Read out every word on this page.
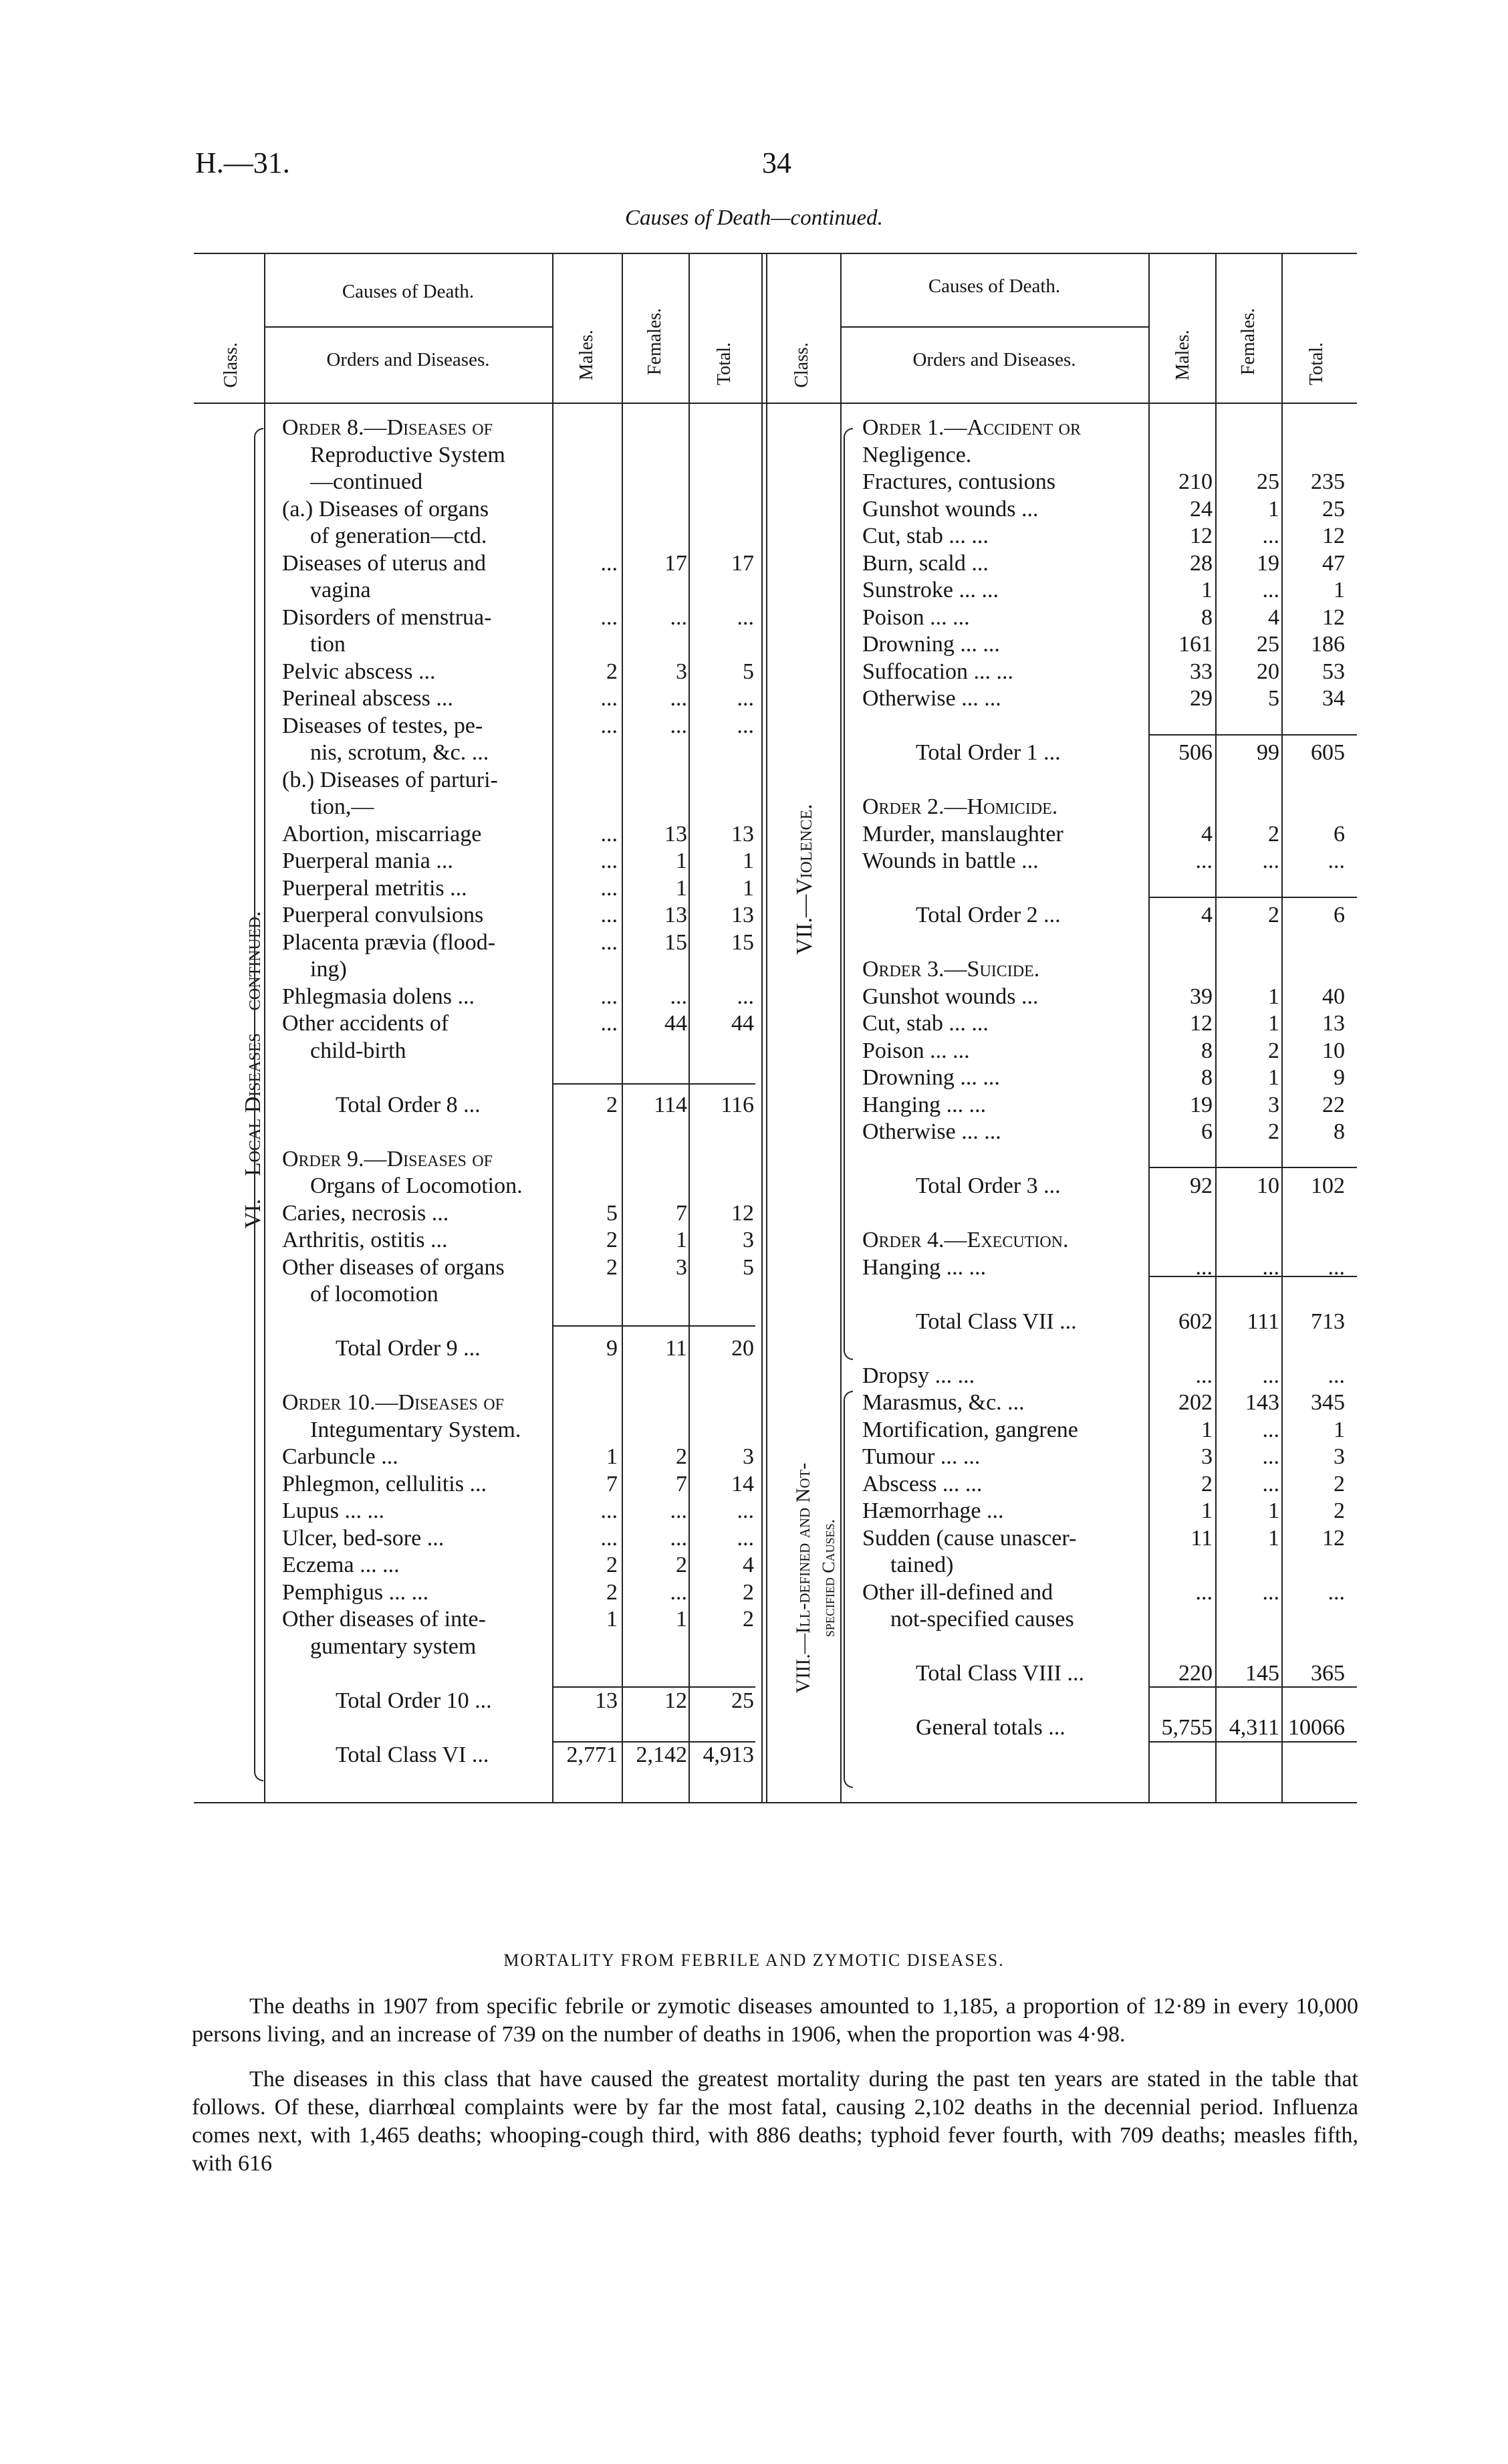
H.—31.	34
Causes of Death—continued.
Causes of Death.
Orders and Diseases.
Causes of Death.
Orders and Diseases.
Class.	Males.	Females.	Total.	Class.	Males. Females.	Total.
VI.—Local Diseases—continued.
VII.—Violence.
VIII.—Ill-defined and Not- specified Causes.
Order 8.—Diseases of
Reproductive System
—continued
(a.) Diseases of organs
of generation—ctd.
Diseases of uterus and	...	17	17
vagina
Disorders of menstrua-	...	...	...
tion
Pelvic abscess ...	2	3	5
Perineal abscess ...	...	...	...
Diseases of testes, pe-	...	...	...
nis, scrotum, &c. ...
(b.) Diseases of parturi-
tion,—
Abortion, miscarriage	...	13	13
Puerperal mania ...	...	1	1
Puerperal metritis ...	...	1	1
Puerperal convulsions	...	13	13
Placenta prævia (flood-	...	15	15
ing)
Phlegmasia dolens ...	...	...	...
Other accidents of	...	44	44
child-birth
Total Order 8 ...	2	114	116
Order 9.—Diseases of
Organs of Locomotion.
Caries, necrosis ...	5	7	12
Arthritis, ostitis ...	2	1	3
Other diseases of organs	2	3	5
of locomotion
Total Order 9 ...	9	11	20
Order 10.—Diseases of
Integumentary System.
Carbuncle ...	1	2	3
Phlegmon, cellulitis ...	7	7	14
Lupus ... ...	...	...	...
Ulcer, bed-sore ...	...	...	...
Eczema ... ...	2	2	4
Pemphigus ... ...	2	...	2
Other diseases of inte-	1	1	2
gumentary system
Total Order 10 ...	13	12	25
Total Class VI ...	2,771 2,142 4,913
Order 1.—Accident or
Negligence.
Fractures, contusions	210	25	235
Gunshot wounds ...	24	1	25
Cut, stab ... ...	12	...	12
Burn, scald ...	28	19	47
Sunstroke ... ...	1	...	1
Poison ... ...	8	4	12
Drowning ... ...	161	25	186
Suffocation ... ...	33	20	53
Otherwise ... ...	29	5	34
Total Order 1 ...	506	99	605
Order 2.—Homicide.
Murder, manslaughter	4	2	6
Wounds in battle ...	...	...	...
Total Order 2 ...	4	2	6
Order 3.—Suicide.
Gunshot wounds ...	39	1	40
Cut, stab ... ...	12	1	13
Poison ... ...	8	2	10
Drowning ... ...	8	1	9
Hanging ... ...	19	3	22
Otherwise ... ...	6	2	8
Total Order 3 ...	92	10	102
Order 4.—Execution.
Hanging ... ...	...	...	...
Total Class VII ...	602	111	713
Dropsy ... ...	...	...	...
Marasmus, &c. ...	202	143	345
Mortification, gangrene	1	...	1
Tumour ... ...	3	...	3
Abscess ... ...	2	...	2
Hæmorrhage ...	1	1	2
Sudden (cause unascer-	11	1	12
tained)
Other ill-defined and	...	...	...
not-specified causes
Total Class VIII ...	220	145	365
General totals ...	5,755 4,311 10066
MORTALITY FROM FEBRILE AND ZYMOTIC DISEASES.

The deaths in 1907 from specific febrile or zymotic diseases amounted to 1,185, a proportion of 12·89 in every 10,000 persons living, and an increase of 739 on the number of deaths in 1906, when the proportion was 4·98.

The diseases in this class that have caused the greatest mortality during the past ten years are stated in the table that follows. Of these, diarrhœal complaints were by far the most fatal, causing 2,102 deaths in the decennial period. Influenza comes next, with 1,465 deaths; whooping-cough third, with 886 deaths; typhoid fever fourth, with 709 deaths; measles fifth, with 616
